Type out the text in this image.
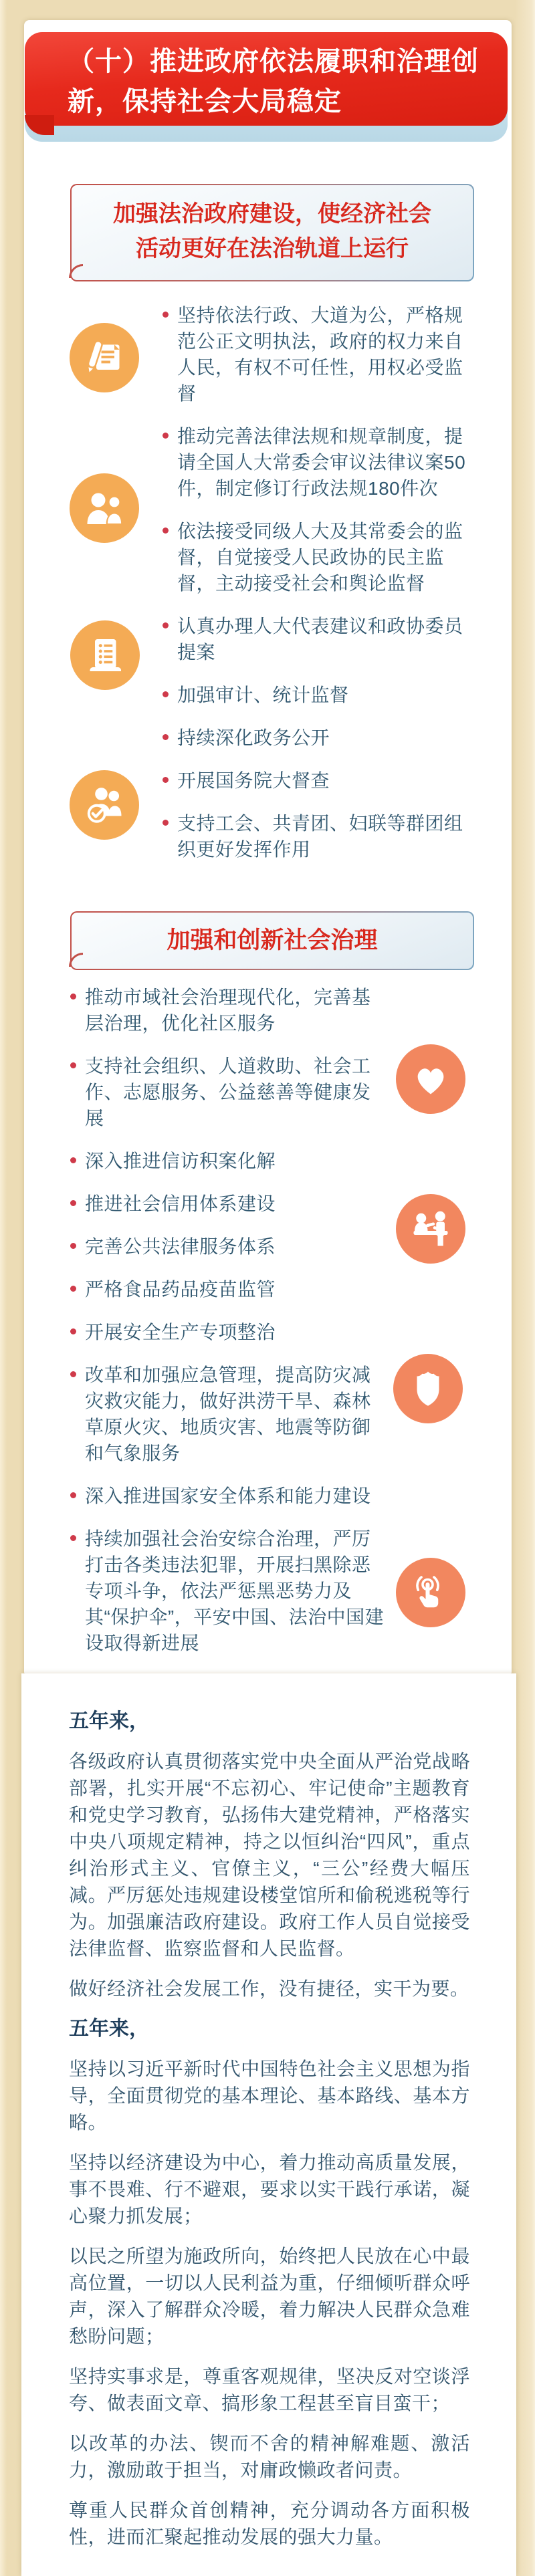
（十）推进政府依法履职和治理创
新，保持社会大局稳定
加强法治政府建设，使经济社会
活动更好在法治轨道上运行
坚持依法行政、大道为公，严格规范公正文明执法，政府的权力来自人民，有权不可任性，用权必受监督
推动完善法律法规和规章制度，提请全国人大常委会审议法律议案50件，制定修订行政法规180件次
依法接受同级人大及其常委会的监督，自觉接受人民政协的民主监督，主动接受社会和舆论监督
认真办理人大代表建议和政协委员提案
加强审计、统计监督
持续深化政务公开
开展国务院大督查
支持工会、共青团、妇联等群团组织更好发挥作用
加强和创新社会治理
推动市域社会治理现代化，完善基层治理，优化社区服务
支持社会组织、人道救助、社会工作、志愿服务、公益慈善等健康发展
深入推进信访积案化解
推进社会信用体系建设
完善公共法律服务体系
严格食品药品疫苗监管
开展安全生产专项整治
改革和加强应急管理，提高防灾减灾救灾能力，做好洪涝干旱、森林草原火灾、地质灾害、地震等防御和气象服务
深入推进国家安全体系和能力建设
持续加强社会治安综合治理，严厉打击各类违法犯罪，开展扫黑除恶专项斗争，依法严惩黑恶势力及其“保护伞”，平安中国、法治中国建设取得新进展

五年来，

各级政府认真贯彻落实党中央全面从严治党战略部署，扎实开展“不忘初心、牢记使命”主题教育和党史学习教育，弘扬伟大建党精神，严格落实中央八项规定精神，持之以恒纠治“四风”，重点纠治形式主义、官僚主义，“三公”经费大幅压减。严厉惩处违规建设楼堂馆所和偷税逃税等行为。加强廉洁政府建设。政府工作人员自觉接受法律监督、监察监督和人民监督。

做好经济社会发展工作，没有捷径，实干为要。

五年来，

坚持以习近平新时代中国特色社会主义思想为指导，全面贯彻党的基本理论、基本路线、基本方略。

坚持以经济建设为中心，着力推动高质量发展，事不畏难、行不避艰，要求以实干践行承诺，凝心聚力抓发展；

以民之所望为施政所向，始终把人民放在心中最高位置，一切以人民利益为重，仔细倾听群众呼声，深入了解群众冷暖，着力解决人民群众急难愁盼问题；

坚持实事求是，尊重客观规律，坚决反对空谈浮夸、做表面文章、搞形象工程甚至盲目蛮干；

以改革的办法、锲而不舍的精神解难题、激活力，激励敢于担当，对庸政懒政者问责。

尊重人民群众首创精神，充分调动各方面积极性，进而汇聚起推动发展的强大力量。
